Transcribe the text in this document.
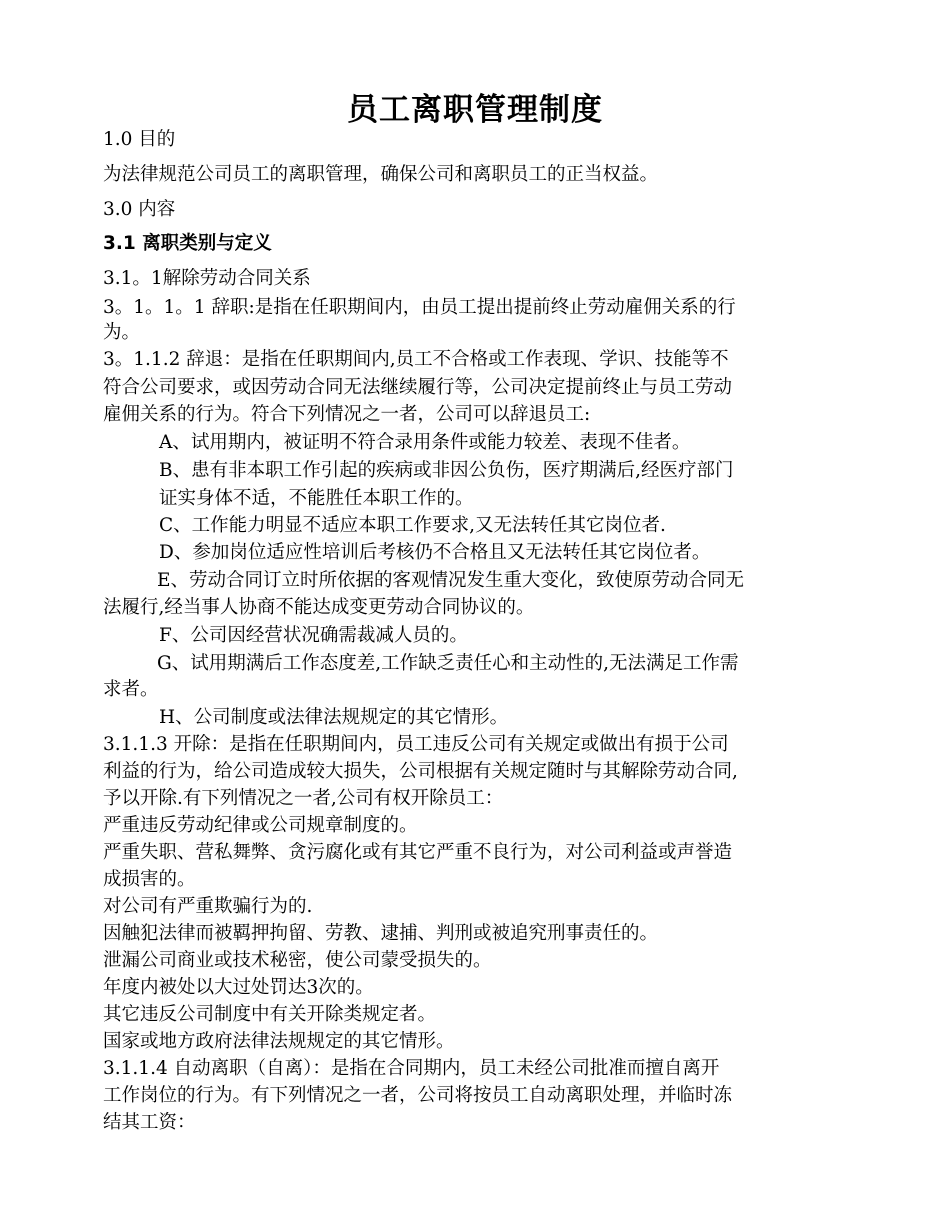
员工离职管理制度
1.0 目的
为法律规范公司员工的离职管理，确保公司和离职员工的正当权益。
3.0 内容
3.1 离职类别与定义
3.1。1解除劳动合同关系
3。1。1。1 辞职:是指在任职期间内，由员工提出提前终止劳动雇佣关系的行
为。
3。1.1.2 辞退：是指在任职期间内,员工不合格或工作表现、学识、技能等不
符合公司要求，或因劳动合同无法继续履行等，公司决定提前终止与员工劳动
雇佣关系的行为。符合下列情况之一者，公司可以辞退员工:
A、试用期内，被证明不符合录用条件或能力较差、表现不佳者。
B、患有非本职工作引起的疾病或非因公负伤，医疗期满后,经医疗部门
证实身体不适，不能胜任本职工作的。
C、工作能力明显不适应本职工作要求,又无法转任其它岗位者.
D、参加岗位适应性培训后考核仍不合格且又无法转任其它岗位者。
E、劳动合同订立时所依据的客观情况发生重大变化，致使原劳动合同无
法履行,经当事人协商不能达成变更劳动合同协议的。
F、公司因经营状况确需裁减人员的。
G、试用期满后工作态度差,工作缺乏责任心和主动性的,无法满足工作需
求者。
H、公司制度或法律法规规定的其它情形。
3.1.1.3 开除：是指在任职期间内，员工违反公司有关规定或做出有损于公司
利益的行为，给公司造成较大损失，公司根据有关规定随时与其解除劳动合同,
予以开除.有下列情况之一者,公司有权开除员工：
严重违反劳动纪律或公司规章制度的。
严重失职、营私舞弊、贪污腐化或有其它严重不良行为，对公司利益或声誉造
成损害的。
对公司有严重欺骗行为的.
因触犯法律而被羁押拘留、劳教、逮捕、判刑或被追究刑事责任的。
泄漏公司商业或技术秘密，使公司蒙受损失的。
年度内被处以大过处罚达3次的。
其它违反公司制度中有关开除类规定者。
国家或地方政府法律法规规定的其它情形。
3.1.1.4 自动离职（自离）：是指在合同期内，员工未经公司批准而擅自离开
工作岗位的行为。有下列情况之一者，公司将按员工自动离职处理，并临时冻
结其工资：
